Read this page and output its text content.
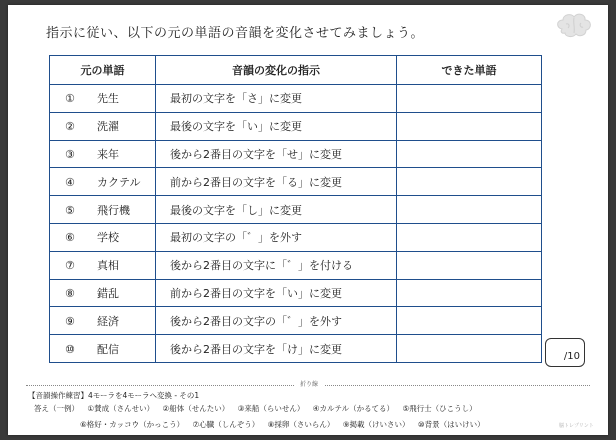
指示に従い、以下の元の単語の音韻を変化させてみましょう。
元の単語	音韻の変化の指示	できた単語
① 先生	最初の文字を「さ」に変更	
② 洗濯	最後の文字を「い」に変更	
③ 来年	後から2番目の文字を「せ」に変更	
④ カクテル	前から2番目の文字を「る」に変更	
⑤ 飛行機	最後の文字を「し」に変更	
⑥ 学校	最初の文字の「゛」を外す	
⑦ 真相	後から2番目の文字に「゛」を付ける	
⑧ 錯乱	前から2番目の文字を「い」に変更	
⑨ 経済	後から2番目の文字の「゛」を外す	
⑩ 配信	後から2番目の文字を「け」に変更	
/10
折り線
【音韻操作練習】4モーラを4モーラへ変換 - その1
答え（一例） ①賛成（さんせい） ②船体（せんたい） ③来船（らいせん） ④カルテル（かるてる） ⑤飛行士（ひこうし）
⑥格好・カッコウ（かっこう） ⑦心臓（しんぞう） ⑧採卵（さいらん） ⑨掲載（けいさい） ⑩背景（はいけい）	脳トレプリント
